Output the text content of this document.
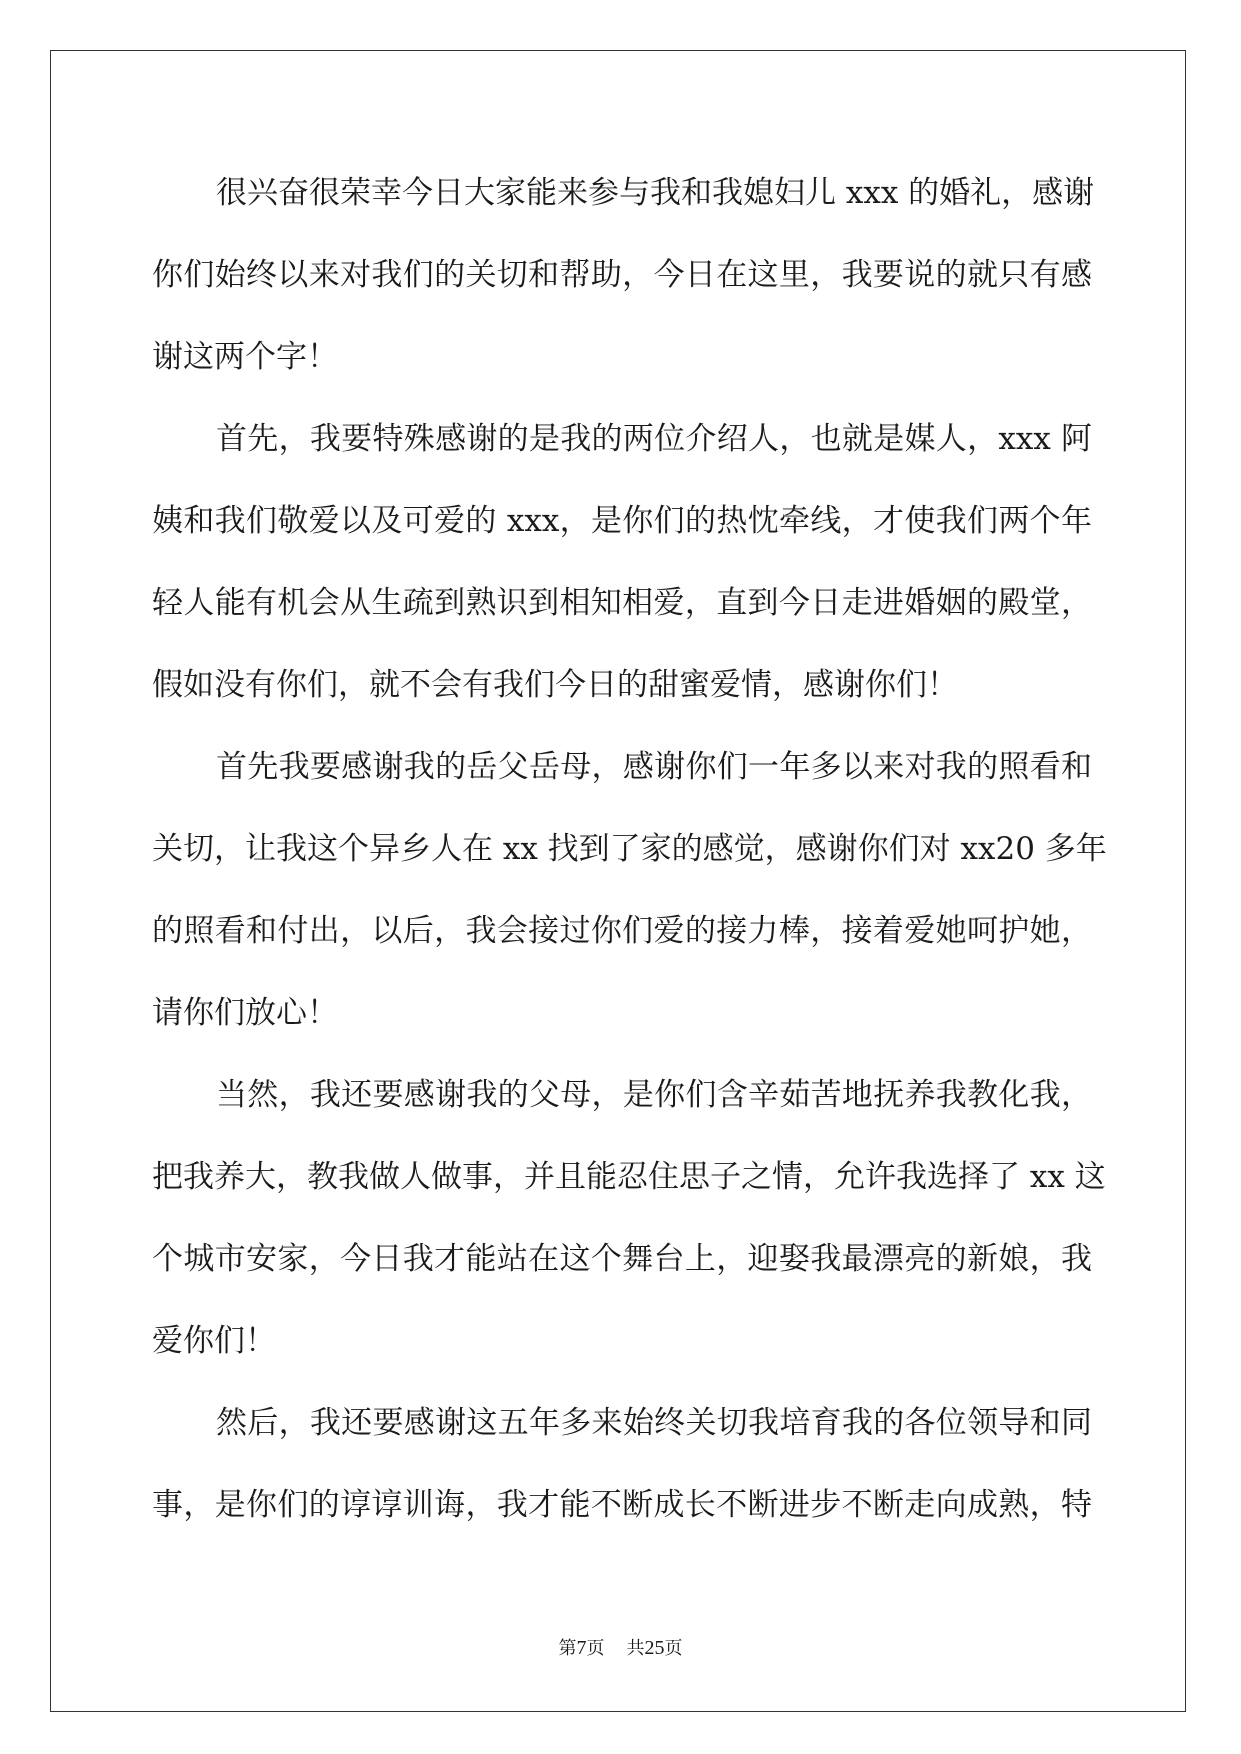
很兴奋很荣幸今日大家能来参与我和我媳妇儿 xxx 的婚礼，感谢
你们始终以来对我们的关切和帮助，今日在这里，我要说的就只有感
谢这两个字！
首先，我要特殊感谢的是我的两位介绍人，也就是媒人，xxx 阿
姨和我们敬爱以及可爱的 xxx，是你们的热忱牵线，才使我们两个年
轻人能有机会从生疏到熟识到相知相爱，直到今日走进婚姻的殿堂，
假如没有你们，就不会有我们今日的甜蜜爱情，感谢你们！
首先我要感谢我的岳父岳母，感谢你们一年多以来对我的照看和
关切，让我这个异乡人在 xx 找到了家的感觉，感谢你们对 xx20 多年
的照看和付出，以后，我会接过你们爱的接力棒，接着爱她呵护她，
请你们放心！
当然，我还要感谢我的父母，是你们含辛茹苦地抚养我教化我，
把我养大，教我做人做事，并且能忍住思子之情，允许我选择了 xx 这
个城市安家，今日我才能站在这个舞台上，迎娶我最漂亮的新娘，我
爱你们！
然后，我还要感谢这五年多来始终关切我培育我的各位领导和同
事，是你们的谆谆训诲，我才能不断成长不断进步不断走向成熟，特
第7页 共25页
